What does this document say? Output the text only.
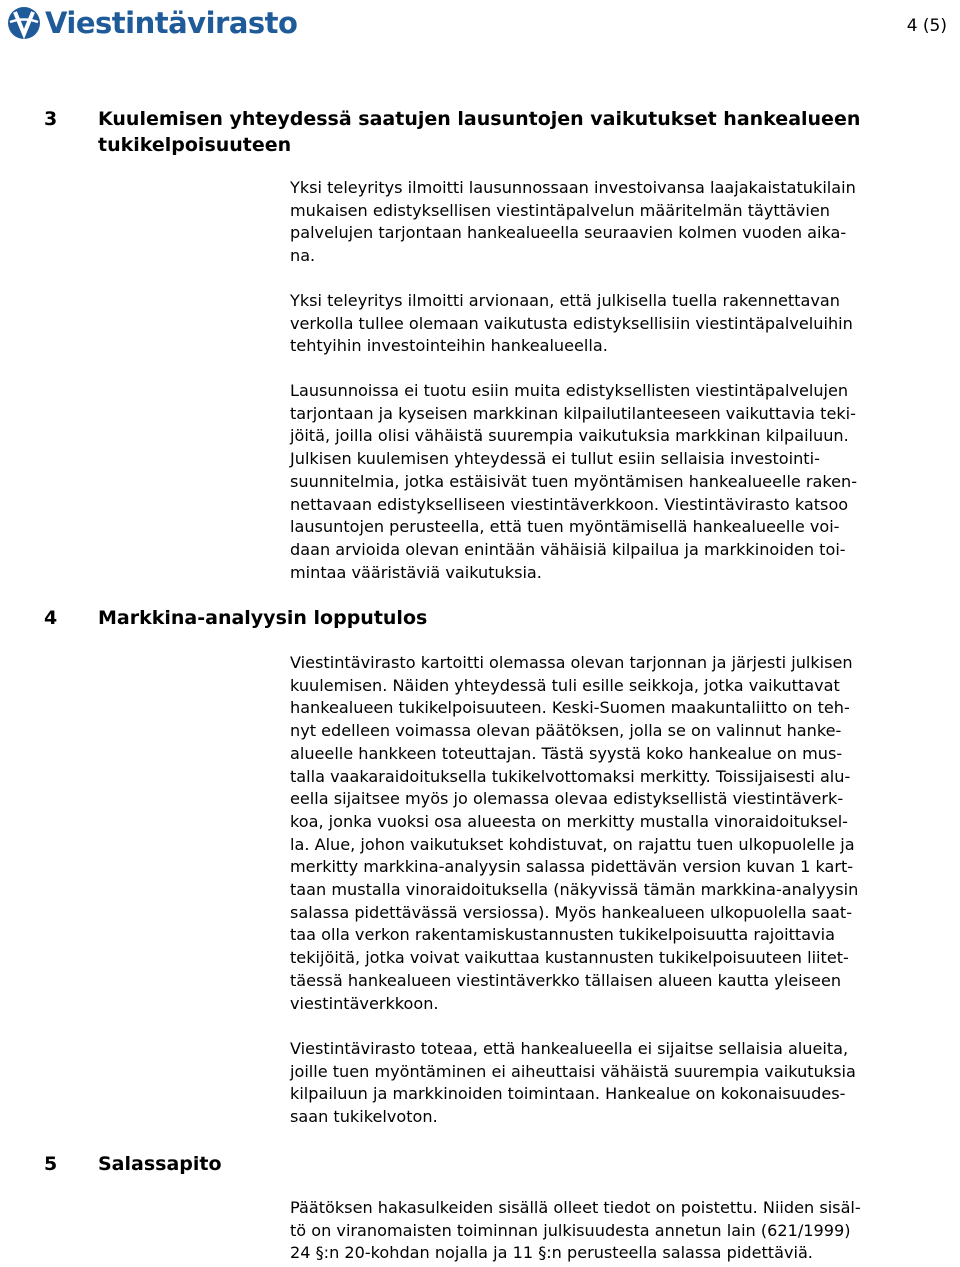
Viestintävirasto	4 (5)
3	Kuulemisen yhteydessä saatujen lausuntojen vaikutukset hankealueen
tukikelpoisuuteen

Yksi teleyritys ilmoitti lausunnossaan investoivansa laajakaistatukilain
mukaisen edistyksellisen viestintäpalvelun määritelmän täyttävien
palvelujen tarjontaan hankealueella seuraavien kolmen vuoden aika-
na.

Yksi teleyritys ilmoitti arvionaan, että julkisella tuella rakennettavan
verkolla tullee olemaan vaikutusta edistyksellisiin viestintäpalveluihin
tehtyihin investointeihin hankealueella.

Lausunnoissa ei tuotu esiin muita edistyksellisten viestintäpalvelujen
tarjontaan ja kyseisen markkinan kilpailutilanteeseen vaikuttavia teki-
jöitä, joilla olisi vähäistä suurempia vaikutuksia markkinan kilpailuun.
Julkisen kuulemisen yhteydessä ei tullut esiin sellaisia investointi-
suunnitelmia, jotka estäisivät tuen myöntämisen hankealueelle raken-
nettavaan edistykselliseen viestintäverkkoon. Viestintävirasto katsoo
lausuntojen perusteella, että tuen myöntämisellä hankealueelle voi-
daan arvioida olevan enintään vähäisiä kilpailua ja markkinoiden toi-
mintaa vääristäviä vaikutuksia.

4	Markkina-analyysin lopputulos

Viestintävirasto kartoitti olemassa olevan tarjonnan ja järjesti julkisen
kuulemisen. Näiden yhteydessä tuli esille seikkoja, jotka vaikuttavat
hankealueen tukikelpoisuuteen. Keski-Suomen maakuntaliitto on teh-
nyt edelleen voimassa olevan päätöksen, jolla se on valinnut hanke-
alueelle hankkeen toteuttajan. Tästä syystä koko hankealue on mus-
talla vaakaraidoituksella tukikelvottomaksi merkitty. Toissijaisesti alu-
eella sijaitsee myös jo olemassa olevaa edistyksellistä viestintäverk-
koa, jonka vuoksi osa alueesta on merkitty mustalla vinoraidoituksel-
la. Alue, johon vaikutukset kohdistuvat, on rajattu tuen ulkopuolelle ja
merkitty markkina-analyysin salassa pidettävän version kuvan 1 kart-
taan mustalla vinoraidoituksella (näkyvissä tämän markkina-analyysin
salassa pidettävässä versiossa). Myös hankealueen ulkopuolella saat-
taa olla verkon rakentamiskustannusten tukikelpoisuutta rajoittavia
tekijöitä, jotka voivat vaikuttaa kustannusten tukikelpoisuuteen liitet-
täessä hankealueen viestintäverkko tällaisen alueen kautta yleiseen
viestintäverkkoon.

Viestintävirasto toteaa, että hankealueella ei sijaitse sellaisia alueita,
joille tuen myöntäminen ei aiheuttaisi vähäistä suurempia vaikutuksia
kilpailuun ja markkinoiden toimintaan. Hankealue on kokonaisuudes-
saan tukikelvoton.

5	Salassapito

Päätöksen hakasulkeiden sisällä olleet tiedot on poistettu. Niiden sisäl-
tö on viranomaisten toiminnan julkisuudesta annetun lain (621/1999)
24 §:n 20-kohdan nojalla ja 11 §:n perusteella salassa pidettäviä.
